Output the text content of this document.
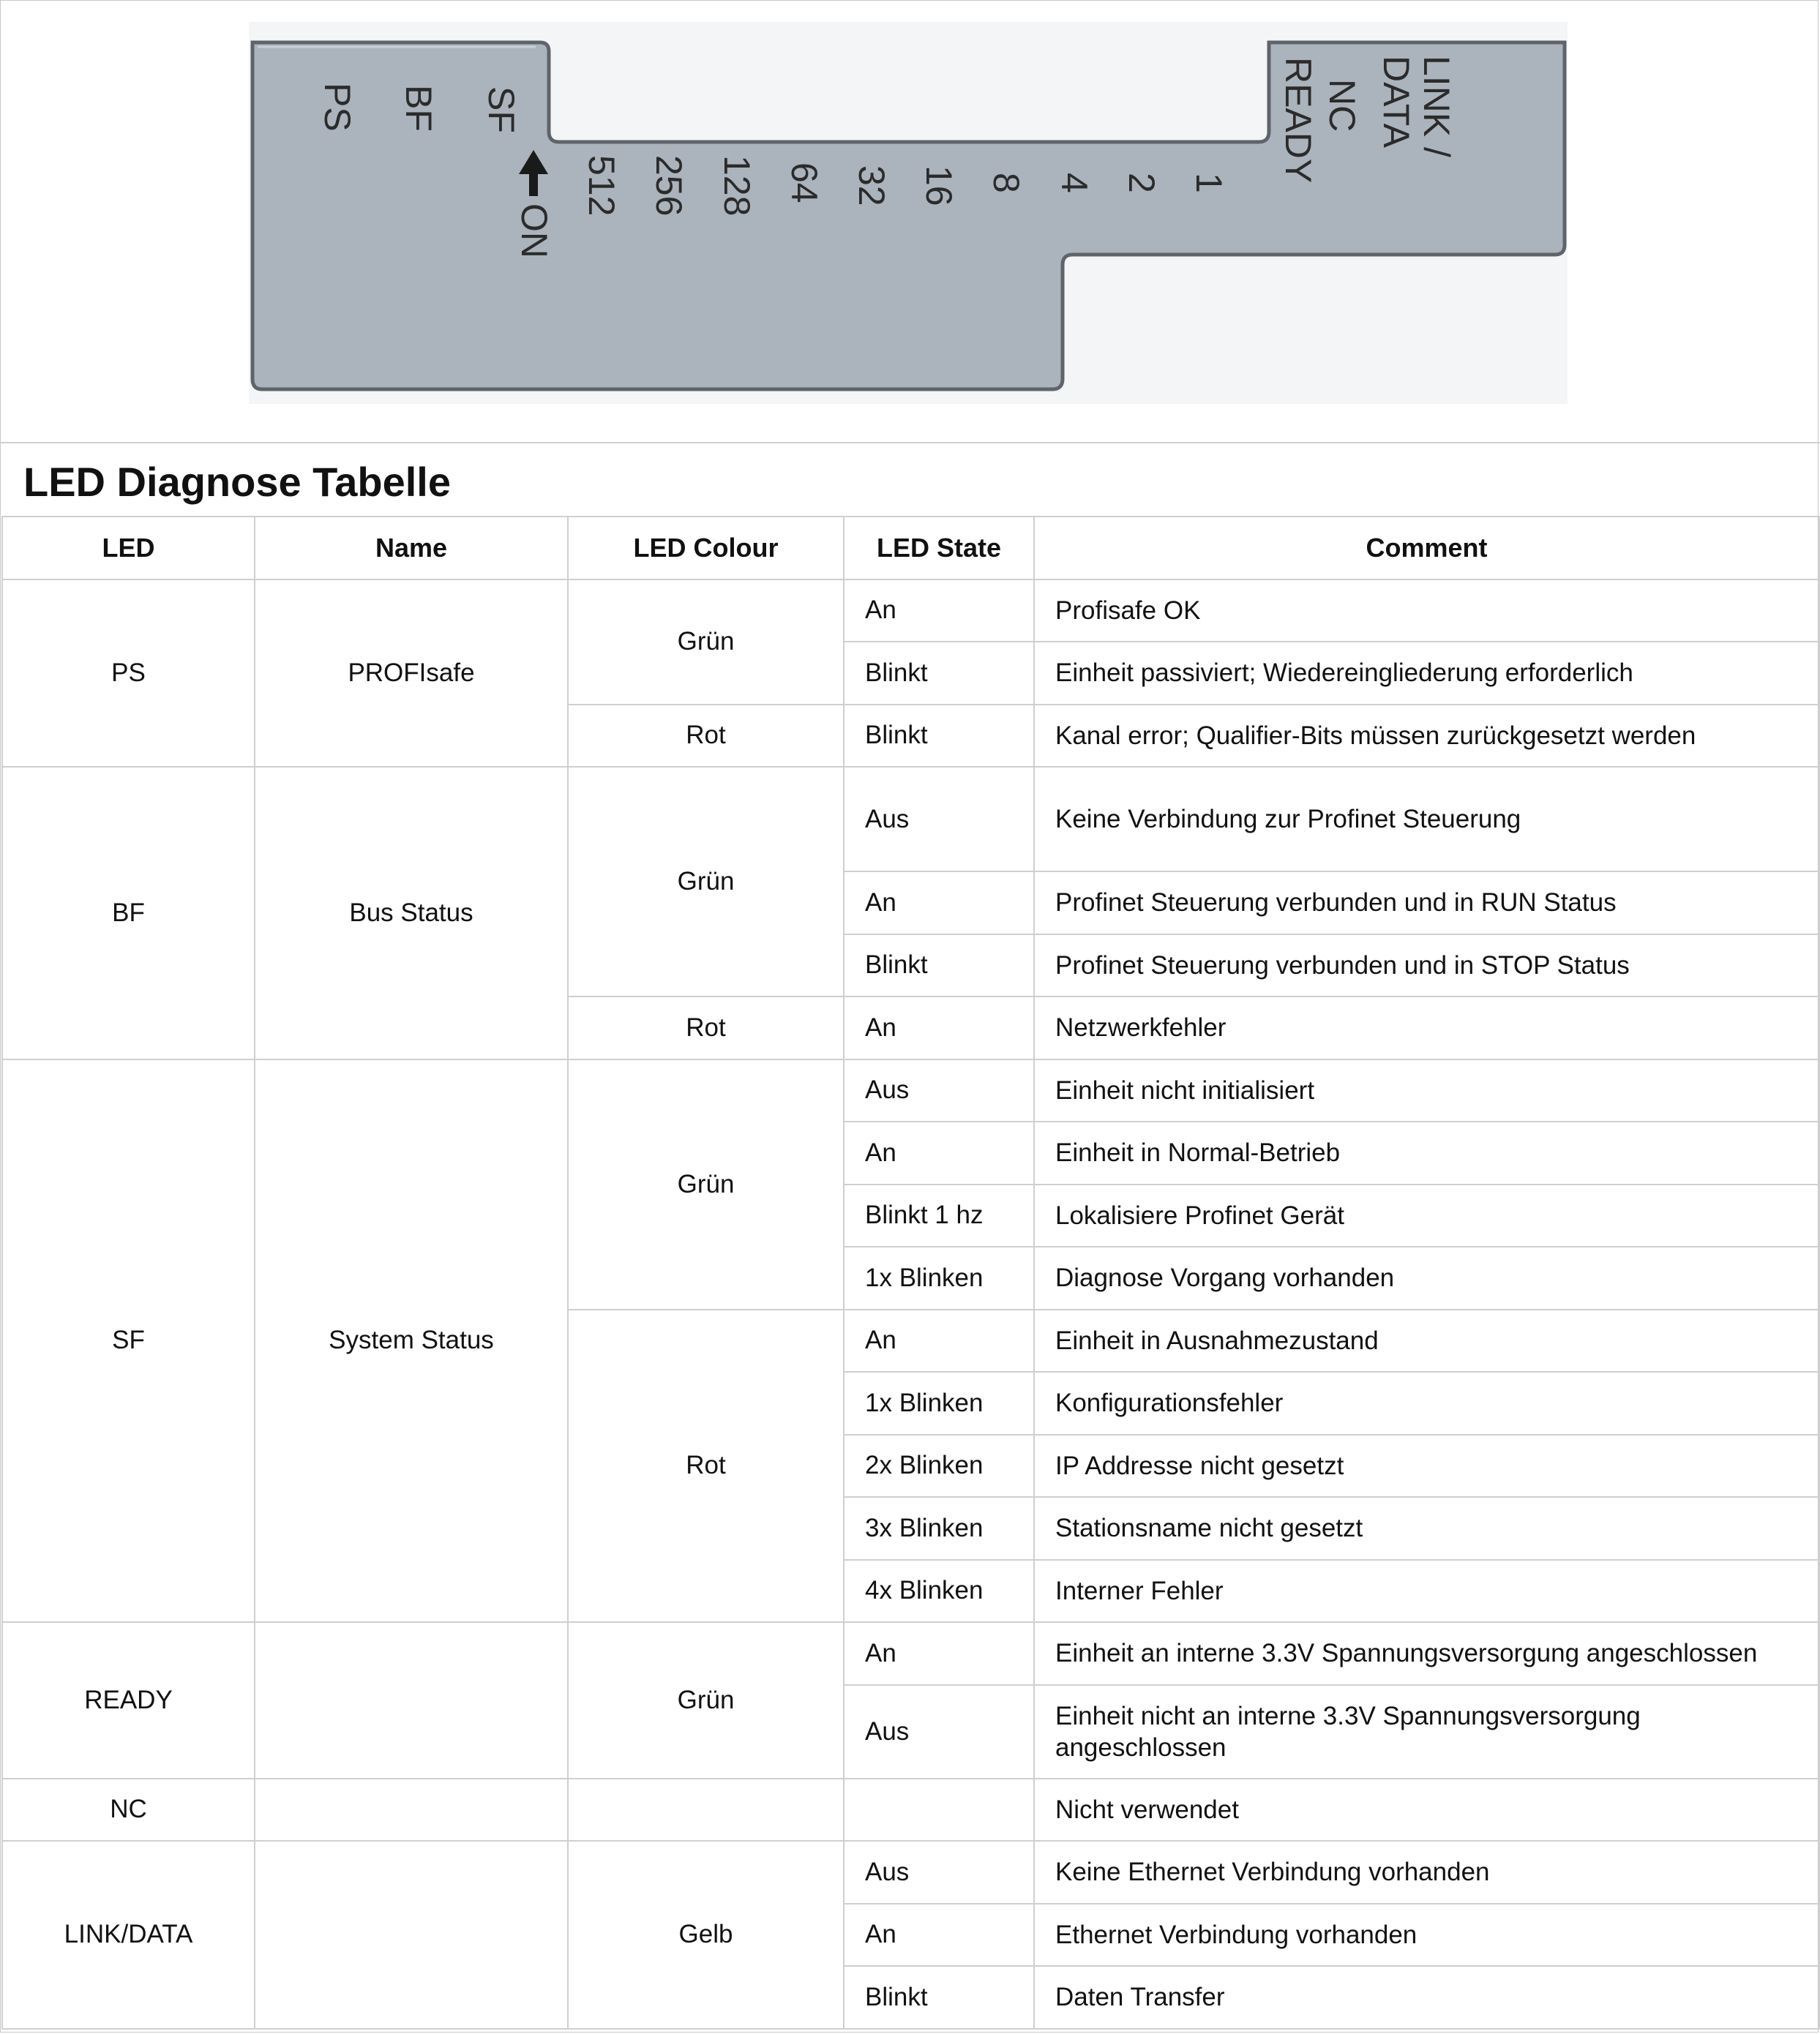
SF
BF
PS
ON
512 256 128 64 32 16 8 4 2 1
LINK /
DATA
NC
READY
LED Diagnose Tabelle
LED	Name	LED Colour	LED State	Comment
PS	PROFIsafe	Grün	An	Profisafe OK
			Blinkt	Einheit passiviert; Wiedereingliederung erforderlich
		Rot	Blinkt	Kanal error; Qualifier-Bits müssen zurückgesetzt werden
BF	Bus Status	Grün	Aus	Keine Verbindung zur Profinet Steuerung
			An	Profinet Steuerung verbunden und in RUN Status
			Blinkt	Profinet Steuerung verbunden und in STOP Status
		Rot	An	Netzwerkfehler
SF	System Status	Grün	Aus	Einheit nicht initialisiert
			An	Einheit in Normal-Betrieb
			Blinkt 1 hz	Lokalisiere Profinet Gerät
			1x Blinken	Diagnose Vorgang vorhanden
		Rot	An	Einheit in Ausnahmezustand
			1x Blinken	Konfigurationsfehler
			2x Blinken	IP Addresse nicht gesetzt
			3x Blinken	Stationsname nicht gesetzt
			4x Blinken	Interner Fehler
READY		Grün	An	Einheit an interne 3.3V Spannungsversorgung angeschlossen
			Aus	Einheit nicht an interne 3.3V Spannungsversorgung angeschlossen
NC				Nicht verwendet
LINK/DATA		Gelb	Aus	Keine Ethernet Verbindung vorhanden
			An	Ethernet Verbindung vorhanden
			Blinkt	Daten Transfer
